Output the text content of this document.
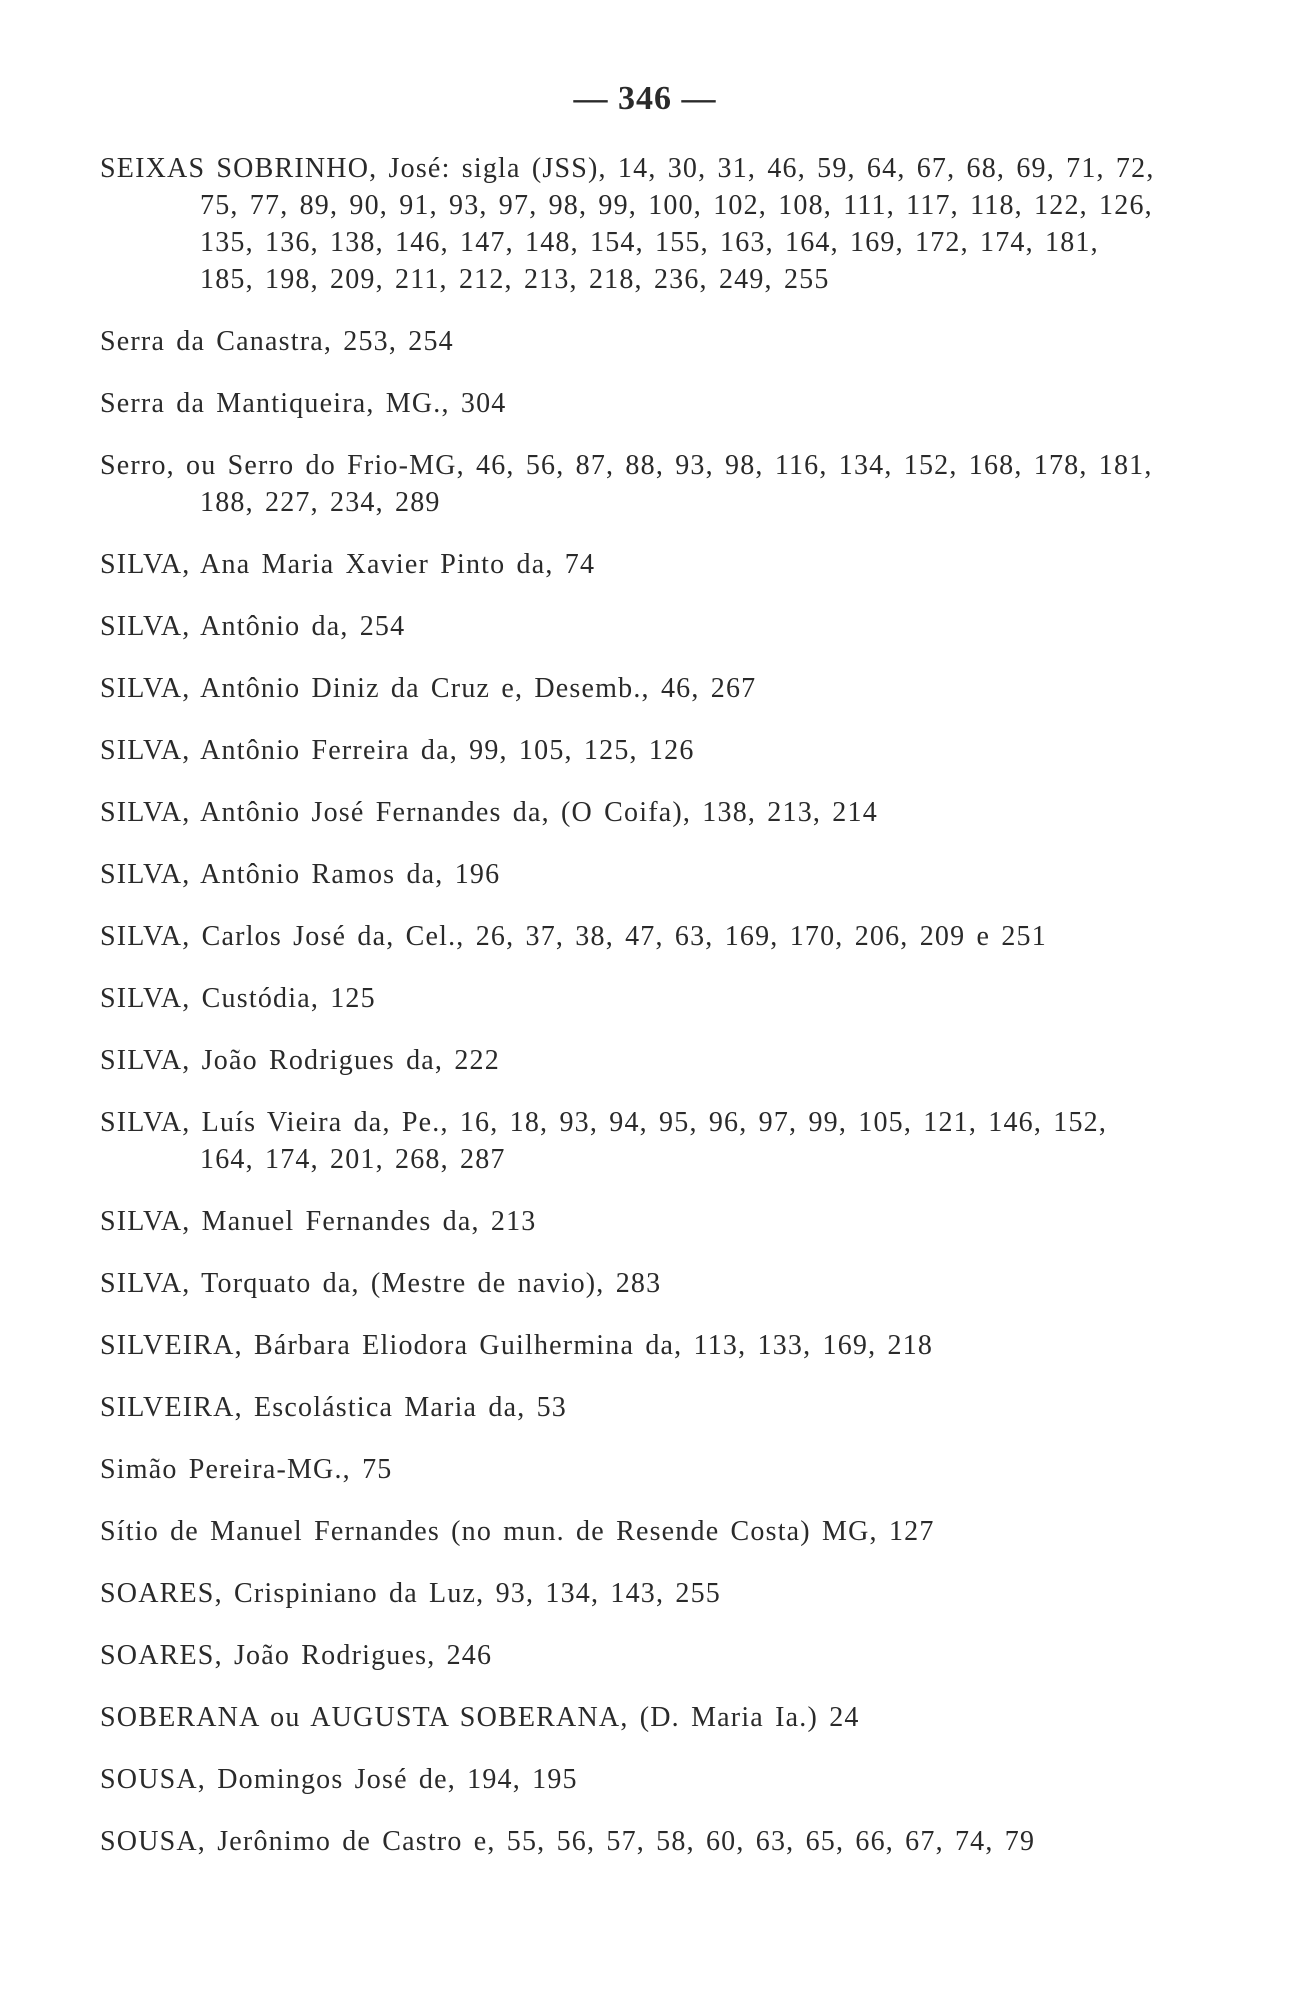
— 346 —
SEIXAS SOBRINHO, José: sigla (JSS), 14, 30, 31, 46, 59, 64, 67, 68, 69, 71, 72, 75, 77, 89, 90, 91, 93, 97, 98, 99, 100, 102, 108, 111, 117, 118, 122, 126, 135, 136, 138, 146, 147, 148, 154, 155, 163, 164, 169, 172, 174, 181, 185, 198, 209, 211, 212, 213, 218, 236, 249, 255
Serra da Canastra, 253, 254
Serra da Mantiqueira, MG., 304
Serro, ou Serro do Frio-MG, 46, 56, 87, 88, 93, 98, 116, 134, 152, 168, 178, 181, 188, 227, 234, 289
SILVA, Ana Maria Xavier Pinto da, 74
SILVA, Antônio da, 254
SILVA, Antônio Diniz da Cruz e, Desemb., 46, 267
SILVA, Antônio Ferreira da, 99, 105, 125, 126
SILVA, Antônio José Fernandes da, (O Coifa), 138, 213, 214
SILVA, Antônio Ramos da, 196
SILVA, Carlos José da, Cel., 26, 37, 38, 47, 63, 169, 170, 206, 209 e 251
SILVA, Custódia, 125
SILVA, João Rodrigues da, 222
SILVA, Luís Vieira da, Pe., 16, 18, 93, 94, 95, 96, 97, 99, 105, 121, 146, 152, 164, 174, 201, 268, 287
SILVA, Manuel Fernandes da, 213
SILVA, Torquato da, (Mestre de navio), 283
SILVEIRA, Bárbara Eliodora Guilhermina da, 113, 133, 169, 218
SILVEIRA, Escolástica Maria da, 53
Simão Pereira-MG., 75
Sítio de Manuel Fernandes (no mun. de Resende Costa) MG, 127
SOARES, Crispiniano da Luz, 93, 134, 143, 255
SOARES, João Rodrigues, 246
SOBERANA ou AUGUSTA SOBERANA, (D. Maria Ia.) 24
SOUSA, Domingos José de, 194, 195
SOUSA, Jerônimo de Castro e, 55, 56, 57, 58, 60, 63, 65, 66, 67, 74, 79
